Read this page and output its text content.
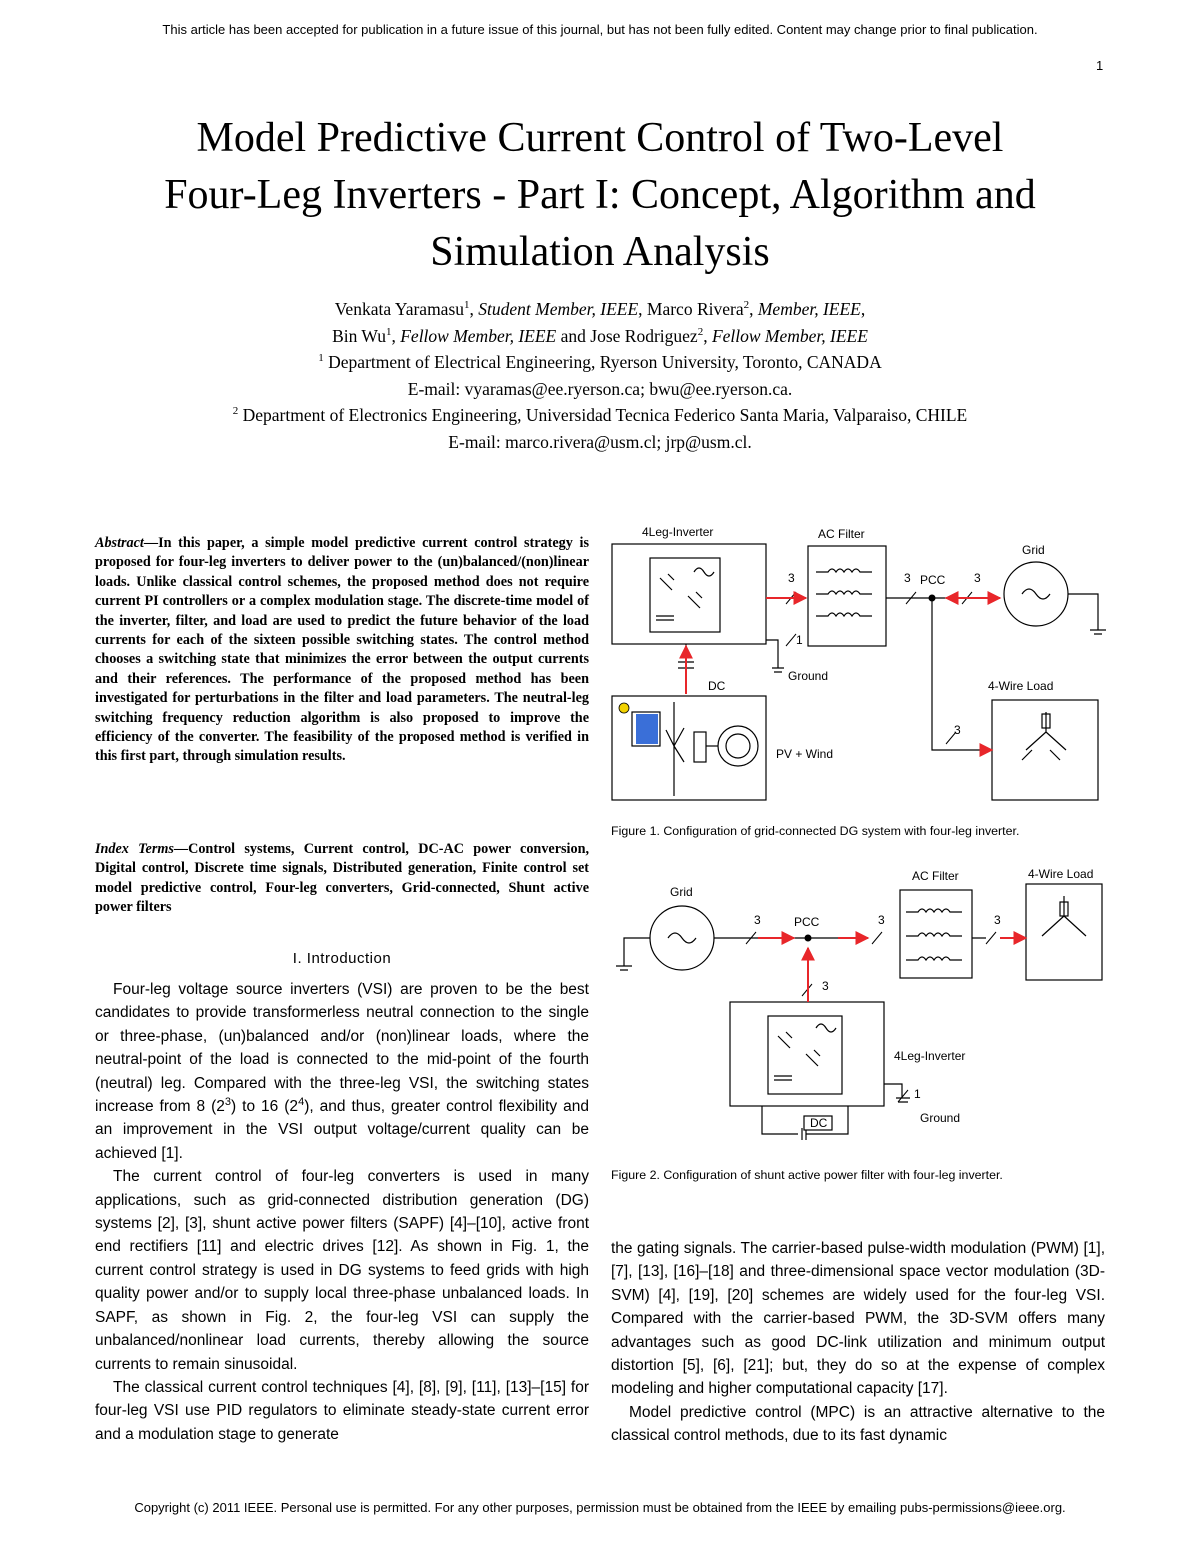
This article has been accepted for publication in a future issue of this journal, but has not been fully edited. Content may change prior to final publication.
1
Model Predictive Current Control of Two-Level
Four-Leg Inverters - Part I: Concept, Algorithm and
Simulation Analysis
Venkata Yaramasu$^1$, Student Member, IEEE, Marco Rivera$^2$, Member, IEEE,
Bin Wu$^1$, Fellow Member, IEEE and Jose Rodriguez$^2$, Fellow Member, IEEE
$^1$ Department of Electrical Engineering, Ryerson University, Toronto, CANADA
E-mail: vyaramas@ee.ryerson.ca; bwu@ee.ryerson.ca.
$^2$ Department of Electronics Engineering, Universidad Tecnica Federico Santa Maria, Valparaiso, CHILE
E-mail: marco.rivera@usm.cl; jrp@usm.cl.
Abstract—In this paper, a simple model predictive current control strategy is proposed for four-leg inverters to deliver power to the (un)balanced/(non)linear loads. Unlike classical control schemes, the proposed method does not require current PI controllers or a complex modulation stage. The discrete-time model of the inverter, filter, and load are used to predict the future behavior of the load currents for each of the sixteen possible switching states. The control method chooses a switching state that minimizes the error between the output currents and their references. The performance of the proposed method has been investigated for perturbations in the filter and load parameters. The neutral-leg switching frequency reduction algorithm is also proposed to improve the efficiency of the converter. The feasibility of the proposed method is verified in this first part, through simulation results.
Index Terms—Control systems, Current control, DC-AC power conversion, Digital control, Discrete time signals, Distributed generation, Finite control set model predictive control, Four-leg converters, Grid-connected, Shunt active power filters
I. Introduction

Four-leg voltage source inverters (VSI) are proven to be the best candidates to provide transformerless neutral connection to the single or three-phase, (un)balanced and/or (non)linear loads, where the neutral-point of the load is connected to the mid-point of the fourth (neutral) leg. Compared with the three-leg VSI, the switching states increase from 8 $(2^3)$ to 16 $(2^4)$, and thus, greater control flexibility and an improvement in the VSI output voltage/current quality can be achieved [1].

The current control of four-leg converters is used in many applications, such as grid-connected distribution generation (DG) systems [2], [3], shunt active power filters (SAPF) [4]–[10], active front end rectifiers [11] and electric drives [12]. As shown in Fig. 1, the current control strategy is used in DG systems to feed grids with high quality power and/or to supply local three-phase unbalanced loads. In SAPF, as shown in Fig. 2, the four-leg VSI can supply the unbalanced/nonlinear load currents, thereby allowing the source currents to remain sinusoidal.

The classical current control techniques [4], [8], [9], [11], [13]–[15] for four-leg VSI use PID regulators to eliminate steady-state current error and a modulation stage to generate

the gating signals. The carrier-based pulse-width modulation (PWM) [1], [7], [13], [16]–[18] and three-dimensional space vector modulation (3D-SVM) [4], [19], [20] schemes are widely used for the four-leg VSI. Compared with the carrier-based PWM, the 3D-SVM offers many advantages such as good DC-link utilization and minimum output distortion [5], [6], [21]; but, they do so at the expense of complex modeling and higher computational capacity [17].

Model predictive control (MPC) is an attractive alternative to the classical control methods, due to its fast dynamic

4Leg-Inverter	AC Filter
Grid
PCC
3	3	3
3
1
Ground
DC	4-Wire Load
PV + Wind
Figure 1. Configuration of grid-connected DG system with four-leg inverter.
Grid
PCC
AC Filter	4-Wire Load
3	3	3
3
4Leg-Inverter
1
Ground
DC
Figure 2. Configuration of shunt active power filter with four-leg inverter.
Copyright (c) 2011 IEEE. Personal use is permitted. For any other purposes, permission must be obtained from the IEEE by emailing pubs-permissions@ieee.org.
